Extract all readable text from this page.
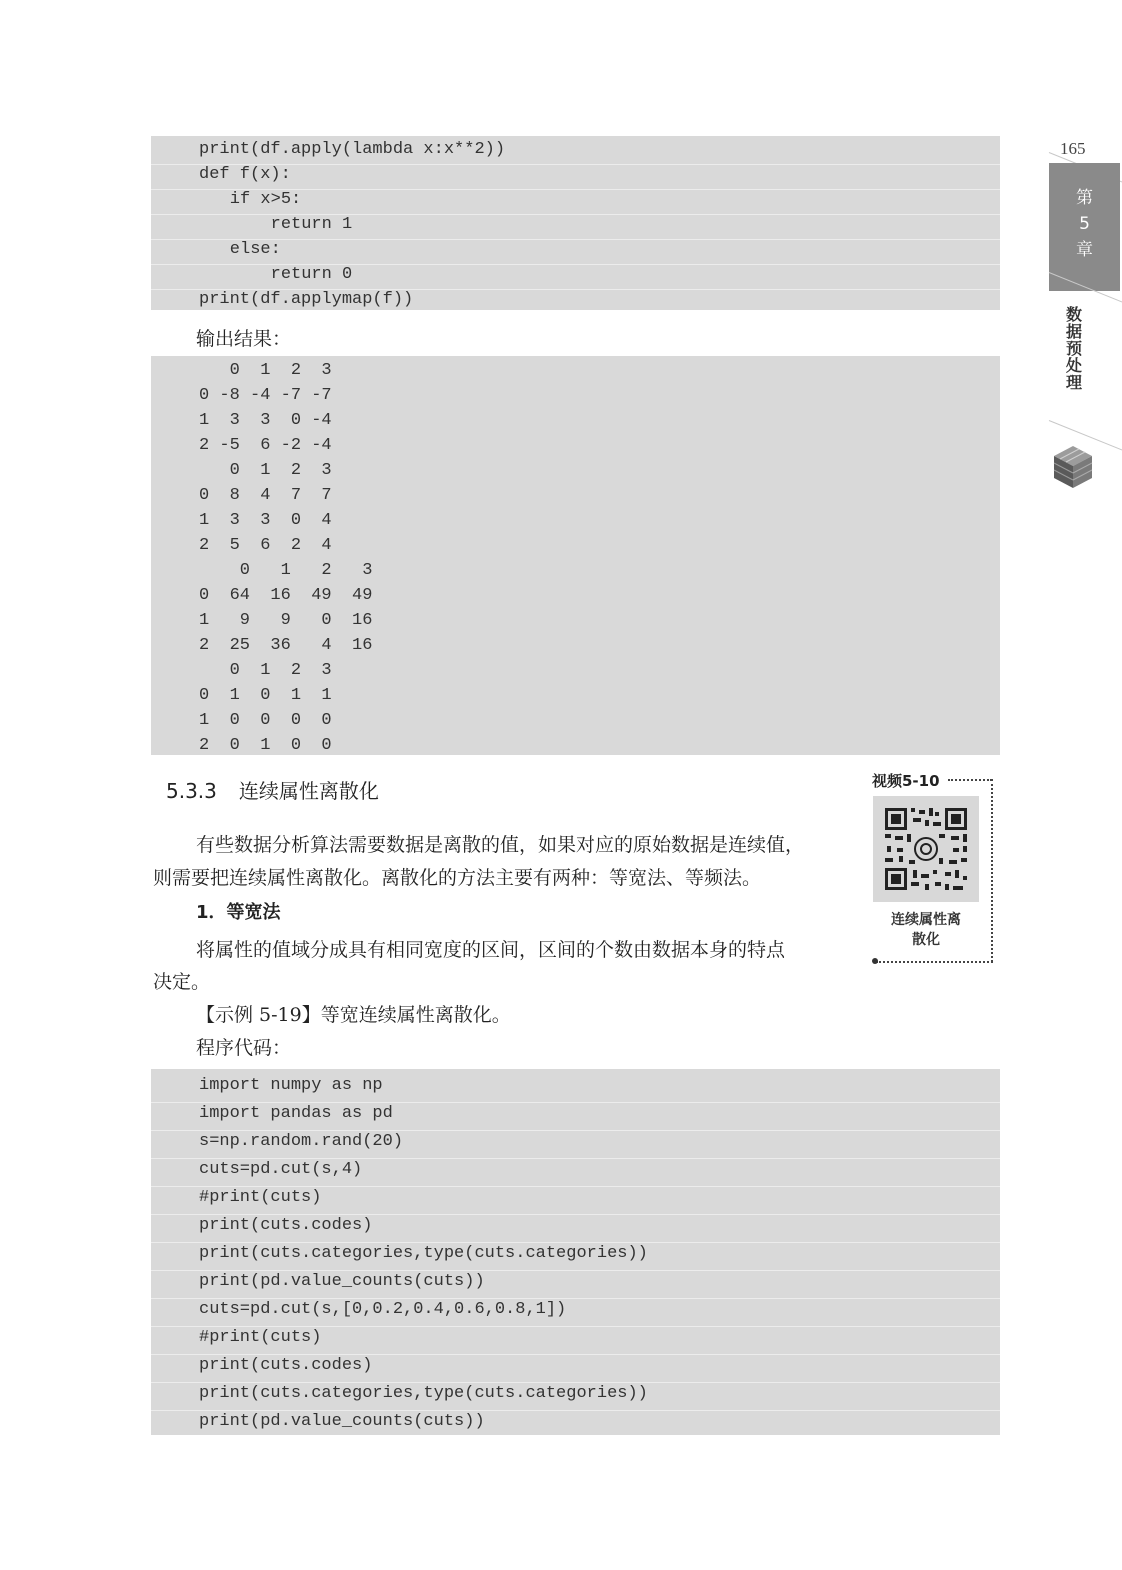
165
第
5
章
数据预处理
print(df.apply(lambda x:x**2))
def f(x):
if x>5:
return 1
else:
return 0
print(df.applymap(f))
输出结果：
0  1  2  3
0 -8 -4 -7 -7
1  3  3  0 -4
2 -5  6 -2 -4
0  1  2  3
0  8  4  7  7
1  3  3  0  4
2  5  6  2  4
0   1   2   3
0  64  16  49  49
1   9   9   0  16
2  25  36   4  16
0  1  2  3
0  1  0  1  1
1  0  0  0  0
2  0  1  0  0
5.3.3 连续属性离散化	视频5-10
连续属性离散化
有些数据分析算法需要数据是离散的值，如果对应的原始数据是连续值，
则需要把连续属性离散化。离散化的方法主要有两种：等宽法、等频法。
1．等宽法
将属性的值域分成具有相同宽度的区间，区间的个数由数据本身的特点
决定。
【示例 5-19】等宽连续属性离散化。
程序代码：
import numpy as np
import pandas as pd
s=np.random.rand(20)
cuts=pd.cut(s,4)
#print(cuts)
print(cuts.codes)
print(cuts.categories,type(cuts.categories))
print(pd.value_counts(cuts))
cuts=pd.cut(s,[0,0.2,0.4,0.6,0.8,1])
#print(cuts)
print(cuts.codes)
print(cuts.categories,type(cuts.categories))
print(pd.value_counts(cuts))
